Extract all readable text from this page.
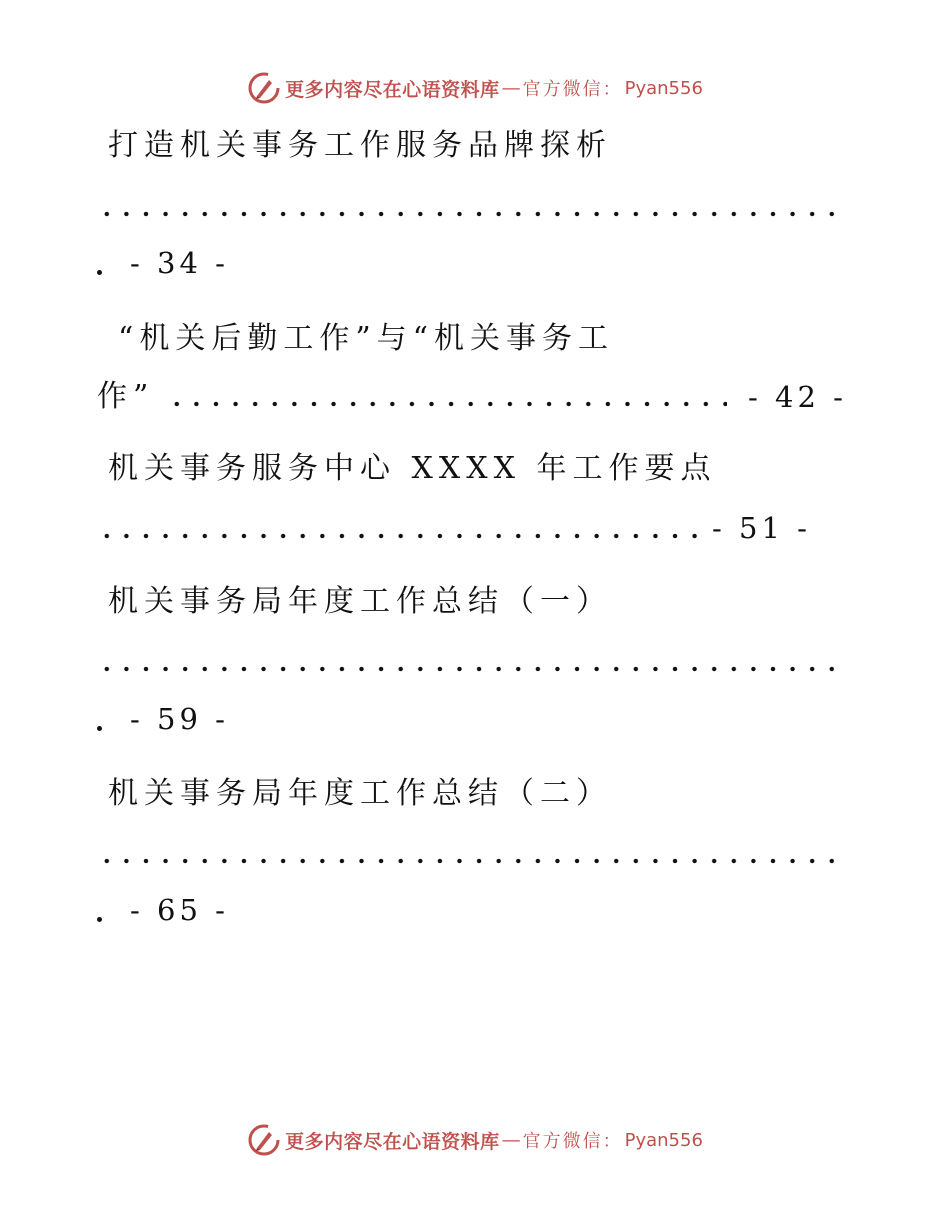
更多内容尽在心语资料库 — 官方微信： Pyan556
打造机关事务工作服务品牌探析
- 34 -
“机关后勤工作”与“机关事务工
作”	- 42 -
机关事务服务中心 XXXX 年工作要点
- 51 -
机关事务局年度工作总结（一）
- 59 -
机关事务局年度工作总结（二）
- 65 -
更多内容尽在心语资料库 — 官方微信： Pyan556
